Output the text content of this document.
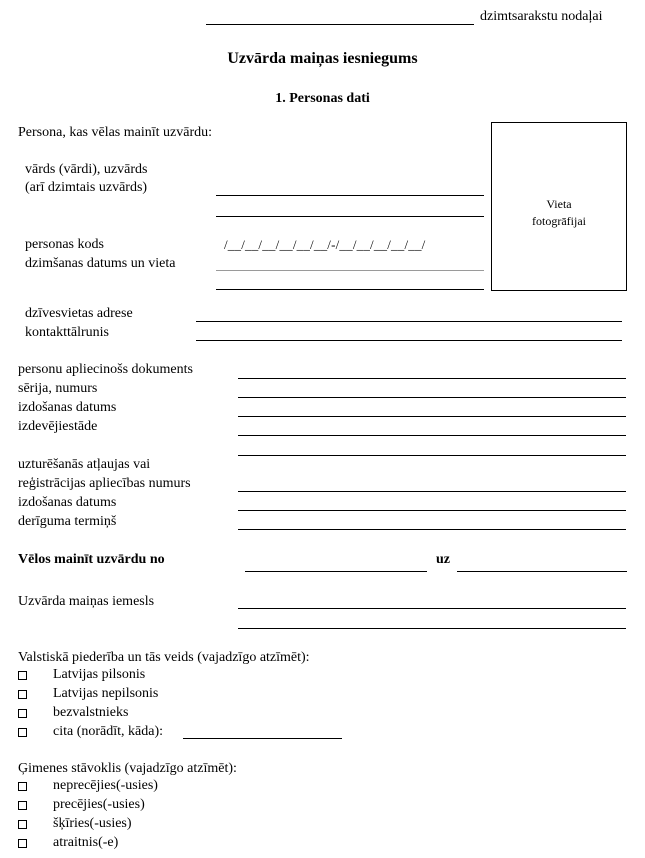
dzimtsarakstu nodaļai
Uzvārda maiņas iesniegums
1. Personas dati
Persona, kas vēlas mainīt uzvārdu:
Vieta
fotogrāfijai
vārds (vārdi), uzvārds
(arī dzimtais uzvārds)
personas kods	/__/__/__/__/__/__/-/__/__/__/__/__/
dzimšanas datums un vieta
dzīvesvietas adrese
kontakttālrunis
personu apliecinošs dokuments
sērija, numurs
izdošanas datums
izdevējiestāde
uzturēšanās atļaujas vai
reģistrācijas apliecības numurs
izdošanas datums
derīguma termiņš
Vēlos mainīt uzvārdu no	uz
Uzvārda maiņas iemesls
Valstiskā piederība un tās veids (vajadzīgo atzīmēt):
Latvijas pilsonis
Latvijas nepilsonis
bezvalstnieks
cita (norādīt, kāda):
Ģimenes stāvoklis (vajadzīgo atzīmēt):
neprecējies(-usies)
precējies(-usies)
šķīries(-usies)
atraitnis(-e)
